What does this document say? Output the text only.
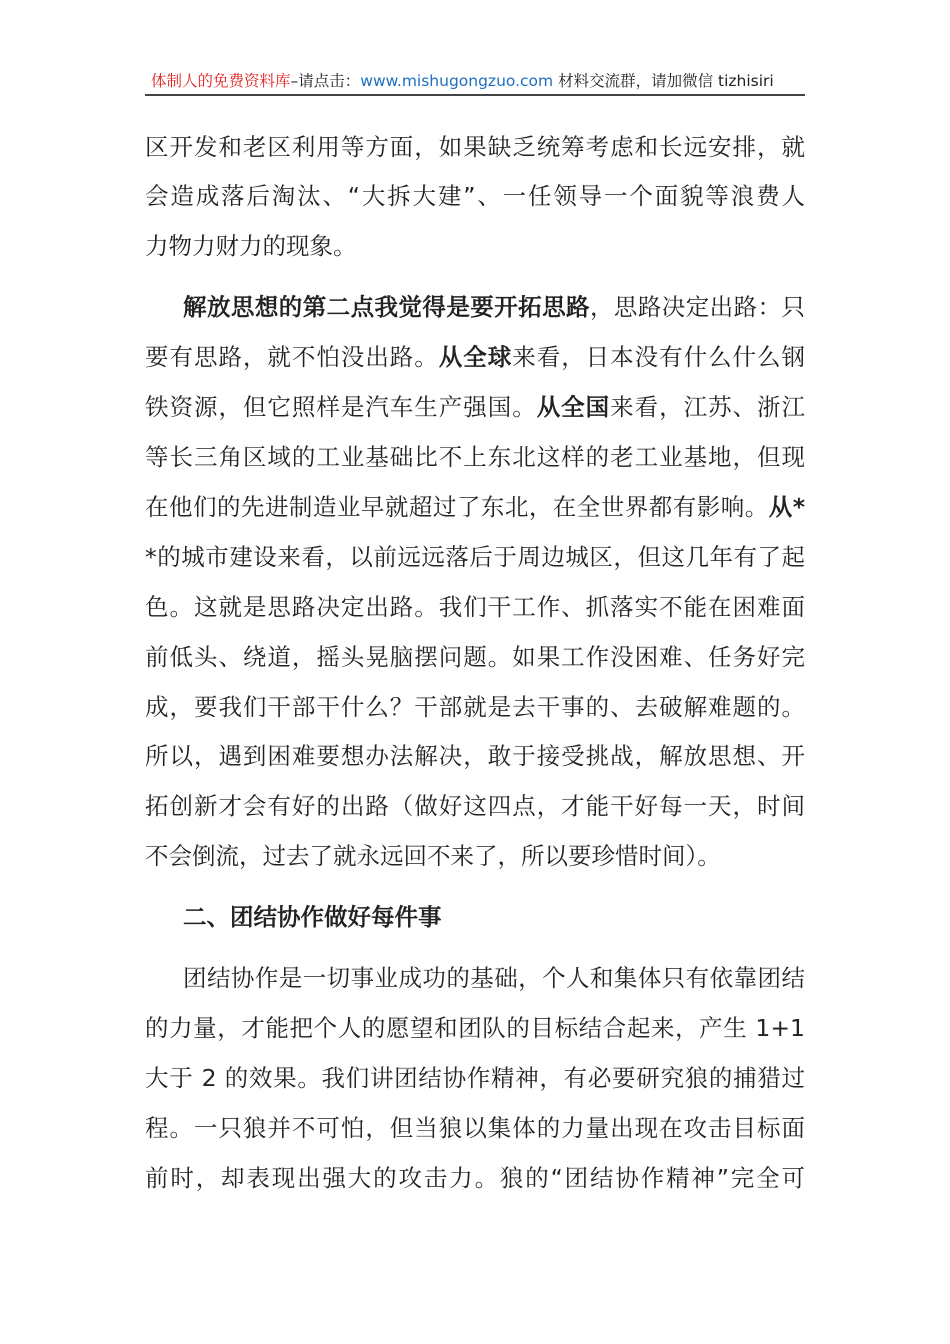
体制人的免费资料库–请点击：www.mishugongzuo.com 材料交流群，请加微信 tizhisiri
区开发和老区利用等方面，如果缺乏统筹考虑和长远安排，就
会造成落后淘汰、“大拆大建”、一任领导一个面貌等浪费人
力物力财力的现象。
解放思想的第二点我觉得是要开拓思路，思路决定出路：只
要有思路，就不怕没出路。从全球来看，日本没有什么什么钢
铁资源，但它照样是汽车生产强国。从全国来看，江苏、浙江
等长三角区域的工业基础比不上东北这样的老工业基地，但现
在他们的先进制造业早就超过了东北，在全世界都有影响。从*
*的城市建设来看，以前远远落后于周边城区，但这几年有了起
色。这就是思路决定出路。我们干工作、抓落实不能在困难面
前低头、绕道，摇头晃脑摆问题。如果工作没困难、任务好完
成，要我们干部干什么？干部就是去干事的、去破解难题的。
所以，遇到困难要想办法解决，敢于接受挑战，解放思想、开
拓创新才会有好的出路（做好这四点，才能干好每一天，时间
不会倒流，过去了就永远回不来了，所以要珍惜时间）。
二、团结协作做好每件事
团结协作是一切事业成功的基础，个人和集体只有依靠团结
的力量，才能把个人的愿望和团队的目标结合起来，产生 1+1
大于 2 的效果。我们讲团结协作精神，有必要研究狼的捕猎过
程。一只狼并不可怕，但当狼以集体的力量出现在攻击目标面
前时，却表现出强大的攻击力。狼的“团结协作精神”完全可
